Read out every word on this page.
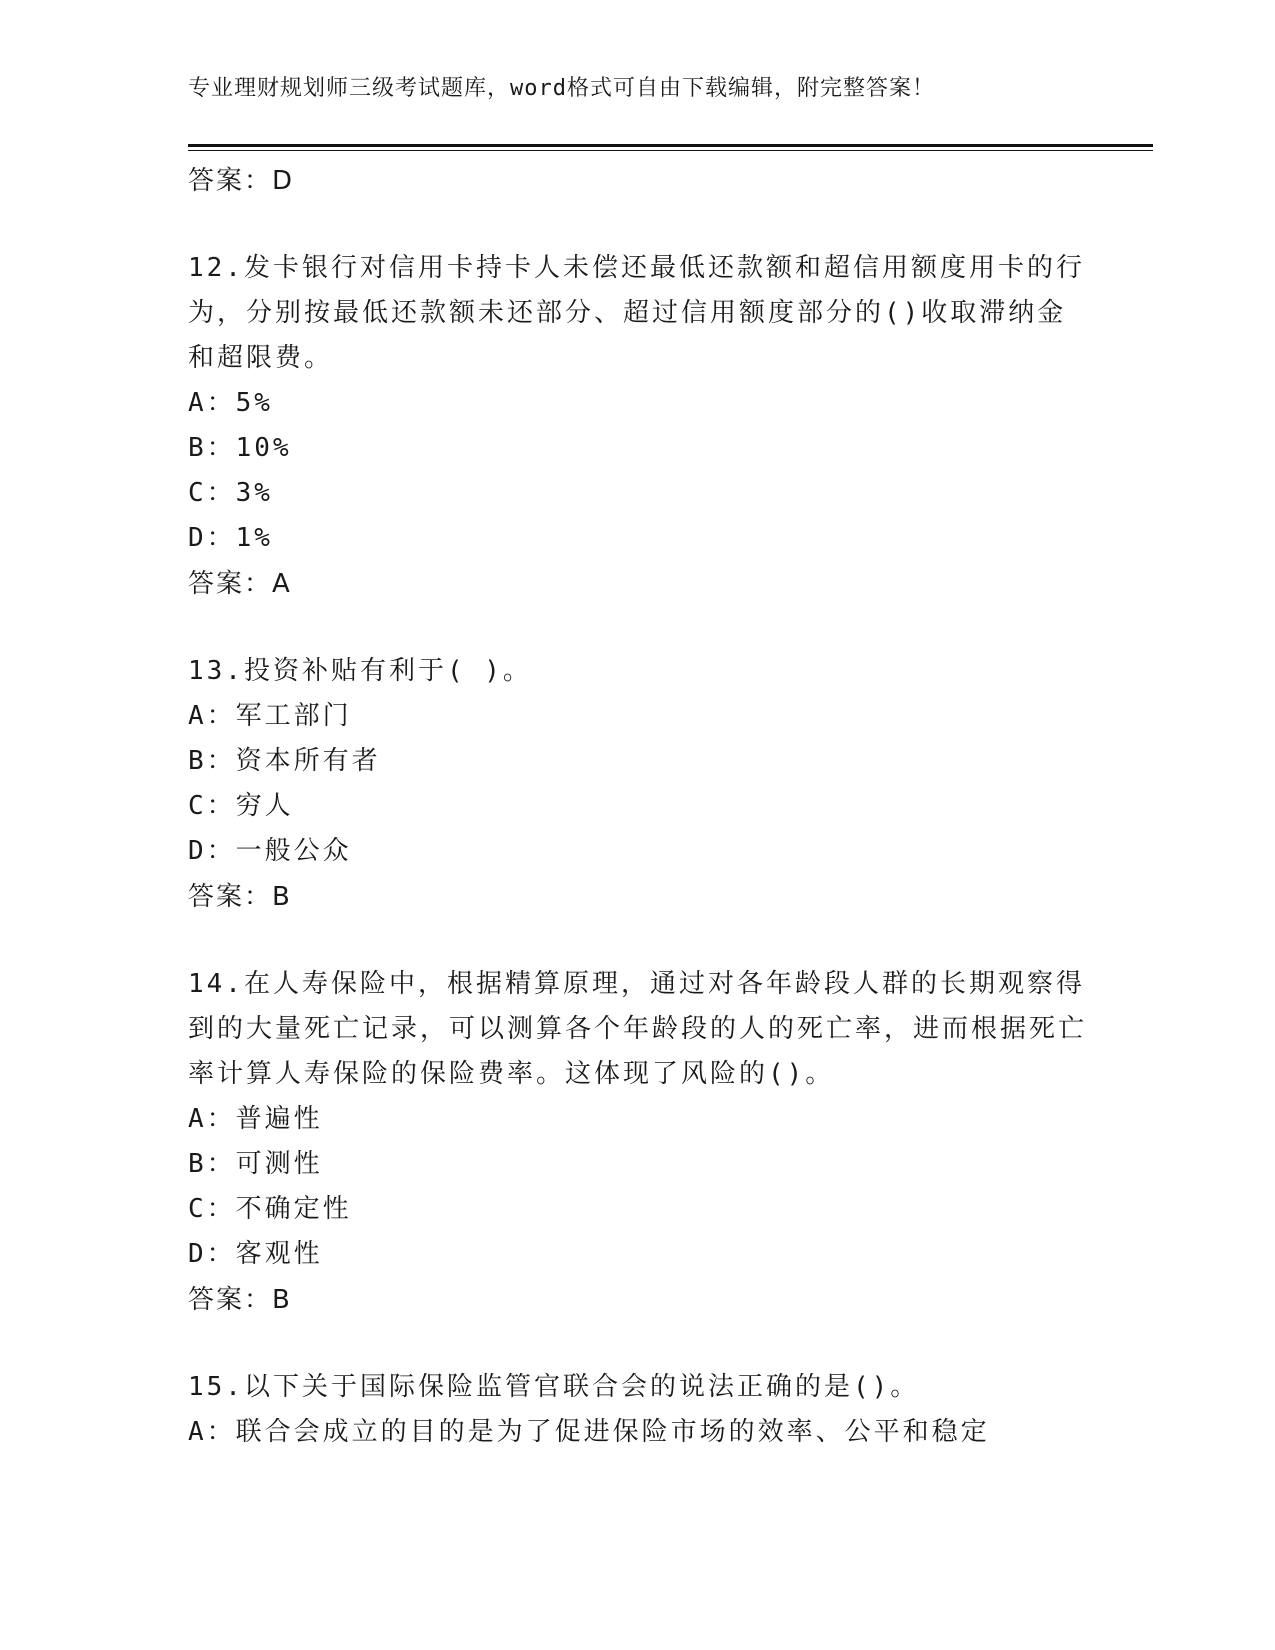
专业理财规划师三级考试题库，word格式可自由下载编辑，附完整答案！
答案：D

12.发卡银行对信用卡持卡人未偿还最低还款额和超信用额度用卡的行为，分别按最低还款额未还部分、超过信用额度部分的()收取滞纳金和超限费。

A：5%
B：10%
C：3%
D：1%
答案：A

13.投资补贴有利于( )。

A：军工部门
B：资本所有者
C：穷人
D：一般公众
答案：B

14.在人寿保险中，根据精算原理，通过对各年龄段人群的长期观察得到的大量死亡记录，可以测算各个年龄段的人的死亡率，进而根据死亡率计算人寿保险的保险费率。这体现了风险的()。

A：普遍性
B：可测性
C：不确定性
D：客观性
答案：B

15.以下关于国际保险监管官联合会的说法正确的是()。

A：联合会成立的目的是为了促进保险市场的效率、公平和稳定
